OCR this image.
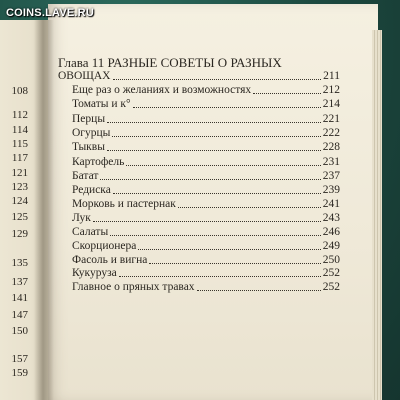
108

112

114

115

117

121

123

124

125

129

135

137

141

147

150

157

159

Глава 11 РАЗНЫЕ СОВЕТЫ О РАЗНЫХ

ОВОЩАХ	211
Еще раз о желаниях и возможностях	212
Томаты и к°	214
Перцы	221
Огурцы	222
Тыквы	228
Картофель	231
Батат	237
Редиска	239
Морковь и пастернак	241
Лук	243
Салаты	246
Скорционера	249
Фасоль и вигна	250
Кукуруза	252
Главное о пряных травах	252

COINS.LAVE.RU
